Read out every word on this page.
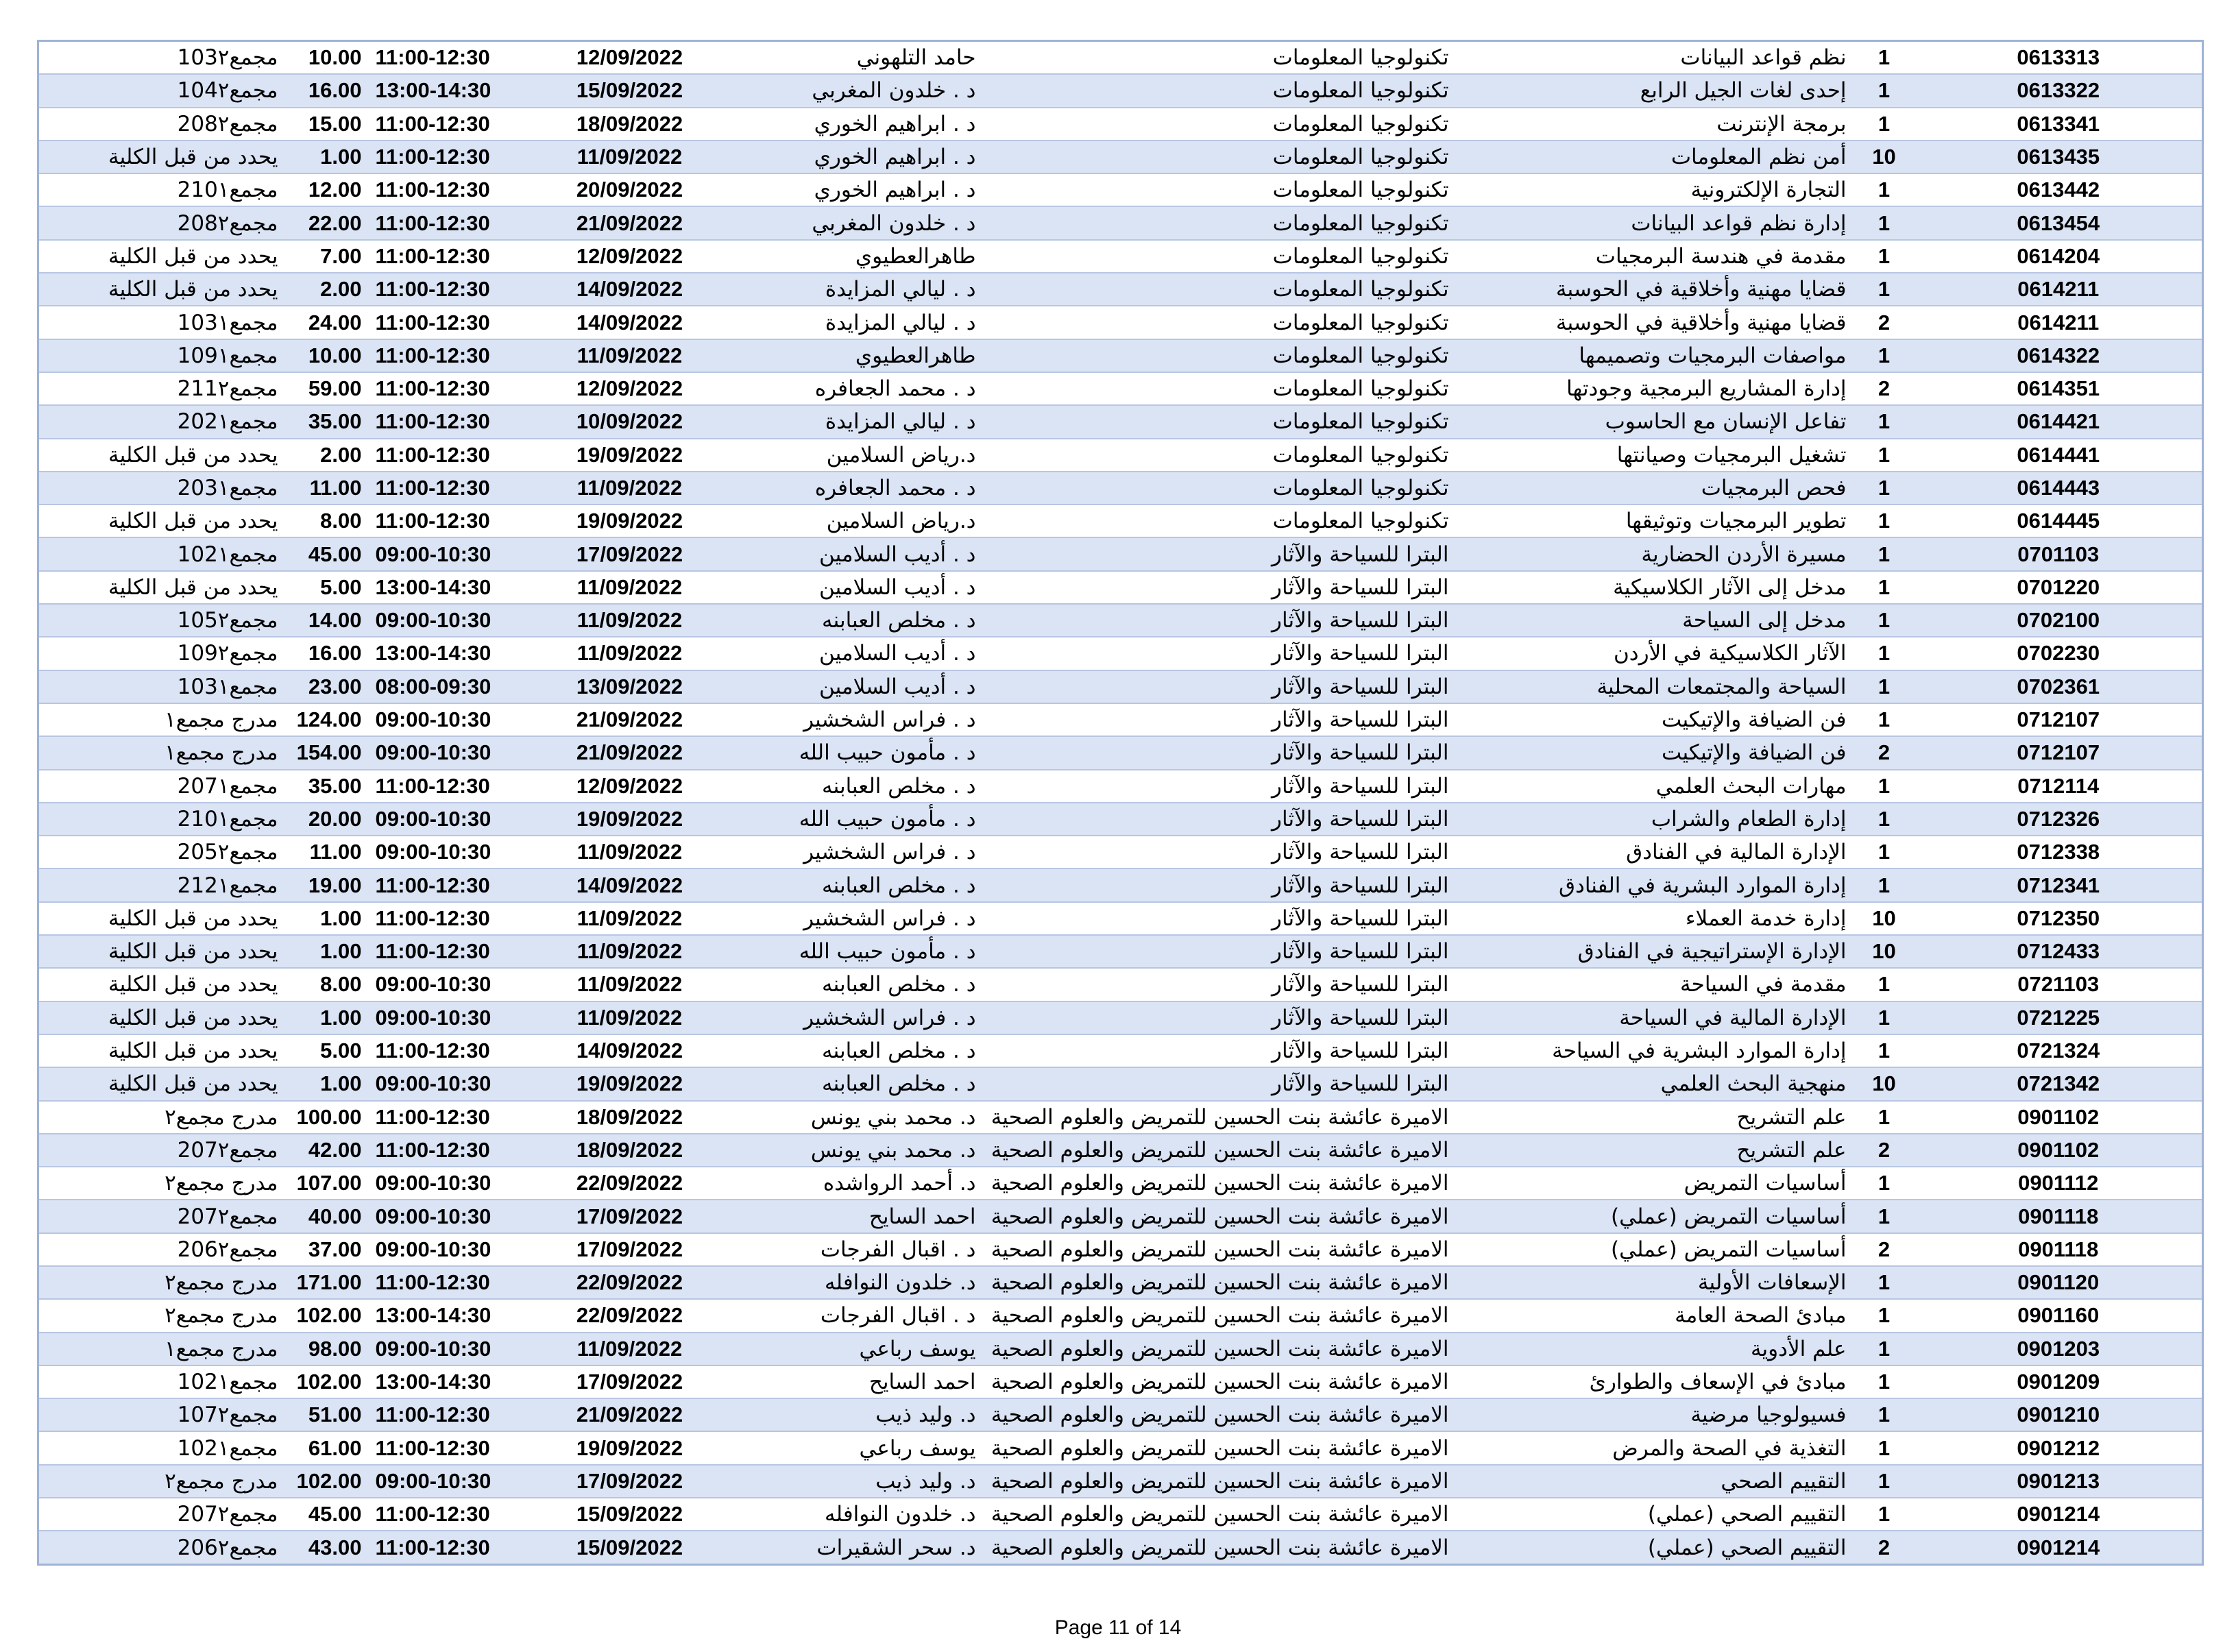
103مجمع٢	10.00	11:00-12:30	12/09/2022	حامد التلهوني	تكنولوجيا المعلومات	نظم قواعد البيانات	1	0613313
104مجمع٢	16.00	13:00-14:30	15/09/2022	د . خلدون المغربي	تكنولوجيا المعلومات	إحدى لغات الجيل الرابع	1	0613322
208مجمع٢	15.00	11:00-12:30	18/09/2022	د . ابراهيم الخوري	تكنولوجيا المعلومات	برمجة الإنترنت	1	0613341
يحدد من قبل الكلية	1.00	11:00-12:30	11/09/2022	د . ابراهيم الخوري	تكنولوجيا المعلومات	أمن نظم المعلومات	10	0613435
210مجمع١	12.00	11:00-12:30	20/09/2022	د . ابراهيم الخوري	تكنولوجيا المعلومات	التجارة الإلكترونية	1	0613442
208مجمع٢	22.00	11:00-12:30	21/09/2022	د . خلدون المغربي	تكنولوجيا المعلومات	إدارة نظم قواعد البيانات	1	0613454
يحدد من قبل الكلية	7.00	11:00-12:30	12/09/2022	طاهرالعطيوي	تكنولوجيا المعلومات	مقدمة في هندسة البرمجيات	1	0614204
يحدد من قبل الكلية	2.00	11:00-12:30	14/09/2022	د . ليالي المزايدة	تكنولوجيا المعلومات	قضايا مهنية وأخلاقية في الحوسبة	1	0614211
103مجمع١	24.00	11:00-12:30	14/09/2022	د . ليالي المزايدة	تكنولوجيا المعلومات	قضايا مهنية وأخلاقية في الحوسبة	2	0614211
109مجمع١	10.00	11:00-12:30	11/09/2022	طاهرالعطيوي	تكنولوجيا المعلومات	مواصفات البرمجيات وتصميمها	1	0614322
211مجمع٢	59.00	11:00-12:30	12/09/2022	د . محمد الجعافره	تكنولوجيا المعلومات	إدارة المشاريع البرمجية وجودتها	2	0614351
202مجمع١	35.00	11:00-12:30	10/09/2022	د . ليالي المزايدة	تكنولوجيا المعلومات	تفاعل الإنسان مع الحاسوب	1	0614421
يحدد من قبل الكلية	2.00	11:00-12:30	19/09/2022	د.رياض السلامين	تكنولوجيا المعلومات	تشغيل البرمجيات وصيانتها	1	0614441
203مجمع١	11.00	11:00-12:30	11/09/2022	د . محمد الجعافره	تكنولوجيا المعلومات	فحص البرمجيات	1	0614443
يحدد من قبل الكلية	8.00	11:00-12:30	19/09/2022	د.رياض السلامين	تكنولوجيا المعلومات	تطوير البرمجيات وتوثيقها	1	0614445
102مجمع١	45.00	09:00-10:30	17/09/2022	د . أديب السلامين	البترا للسياحة والآثار	مسيرة الأردن الحضارية	1	0701103
يحدد من قبل الكلية	5.00	13:00-14:30	11/09/2022	د . أديب السلامين	البترا للسياحة والآثار	مدخل إلى الآثار الكلاسيكية	1	0701220
105مجمع٢	14.00	09:00-10:30	11/09/2022	د . مخلص العبابنه	البترا للسياحة والآثار	مدخل إلى السياحة	1	0702100
109مجمع٢	16.00	13:00-14:30	11/09/2022	د . أديب السلامين	البترا للسياحة والآثار	الآثار الكلاسيكية في الأردن	1	0702230
103مجمع١	23.00	08:00-09:30	13/09/2022	د . أديب السلامين	البترا للسياحة والآثار	السياحة والمجتمعات المحلية	1	0702361
مدرج مجمع١	124.00	09:00-10:30	21/09/2022	د . فراس الشخشير	البترا للسياحة والآثار	فن الضيافة والإتيكيت	1	0712107
مدرج مجمع١	154.00	09:00-10:30	21/09/2022	د . مأمون حبيب الله	البترا للسياحة والآثار	فن الضيافة والإتيكيت	2	0712107
207مجمع١	35.00	11:00-12:30	12/09/2022	د . مخلص العبابنه	البترا للسياحة والآثار	مهارات البحث العلمي	1	0712114
210مجمع١	20.00	09:00-10:30	19/09/2022	د . مأمون حبيب الله	البترا للسياحة والآثار	إدارة الطعام والشراب	1	0712326
205مجمع٢	11.00	09:00-10:30	11/09/2022	د . فراس الشخشير	البترا للسياحة والآثار	الإدارة المالية في الفنادق	1	0712338
212مجمع١	19.00	11:00-12:30	14/09/2022	د . مخلص العبابنه	البترا للسياحة والآثار	إدارة الموارد البشرية في الفنادق	1	0712341
يحدد من قبل الكلية	1.00	11:00-12:30	11/09/2022	د . فراس الشخشير	البترا للسياحة والآثار	إدارة خدمة العملاء	10	0712350
يحدد من قبل الكلية	1.00	11:00-12:30	11/09/2022	د . مأمون حبيب الله	البترا للسياحة والآثار	الإدارة الإستراتيجية في الفنادق	10	0712433
يحدد من قبل الكلية	8.00	09:00-10:30	11/09/2022	د . مخلص العبابنه	البترا للسياحة والآثار	مقدمة في السياحة	1	0721103
يحدد من قبل الكلية	1.00	09:00-10:30	11/09/2022	د . فراس الشخشير	البترا للسياحة والآثار	الإدارة المالية في السياحة	1	0721225
يحدد من قبل الكلية	5.00	11:00-12:30	14/09/2022	د . مخلص العبابنه	البترا للسياحة والآثار	إدارة الموارد البشرية في السياحة	1	0721324
يحدد من قبل الكلية	1.00	09:00-10:30	19/09/2022	د . مخلص العبابنه	البترا للسياحة والآثار	منهجية البحث العلمي	10	0721342
مدرج مجمع٢	100.00	11:00-12:30	18/09/2022	د. محمد بني يونس	الاميرة عائشة بنت الحسين للتمريض والعلوم الصحية	علم التشريح	1	0901102
207مجمع٢	42.00	11:00-12:30	18/09/2022	د. محمد بني يونس	الاميرة عائشة بنت الحسين للتمريض والعلوم الصحية	علم التشريح	2	0901102
مدرج مجمع٢	107.00	09:00-10:30	22/09/2022	د. أحمد الرواشده	الاميرة عائشة بنت الحسين للتمريض والعلوم الصحية	أساسيات التمريض	1	0901112
207مجمع٢	40.00	09:00-10:30	17/09/2022	احمد السايح	الاميرة عائشة بنت الحسين للتمريض والعلوم الصحية	أساسيات التمريض (عملي)	1	0901118
206مجمع٢	37.00	09:00-10:30	17/09/2022	د . اقبال الفرجات	الاميرة عائشة بنت الحسين للتمريض والعلوم الصحية	أساسيات التمريض (عملي)	2	0901118
مدرج مجمع٢	171.00	11:00-12:30	22/09/2022	د. خلدون النوافله	الاميرة عائشة بنت الحسين للتمريض والعلوم الصحية	الإسعافات الأولية	1	0901120
مدرج مجمع٢	102.00	13:00-14:30	22/09/2022	د . اقبال الفرجات	الاميرة عائشة بنت الحسين للتمريض والعلوم الصحية	مبادئ الصحة العامة	1	0901160
مدرج مجمع١	98.00	09:00-10:30	11/09/2022	يوسف رباعي	الاميرة عائشة بنت الحسين للتمريض والعلوم الصحية	علم الأدوية	1	0901203
102مجمع١	102.00	13:00-14:30	17/09/2022	احمد السايح	الاميرة عائشة بنت الحسين للتمريض والعلوم الصحية	مبادئ في الإسعاف والطوارئ	1	0901209
107مجمع٢	51.00	11:00-12:30	21/09/2022	د. وليد ذيب	الاميرة عائشة بنت الحسين للتمريض والعلوم الصحية	فسيولوجيا مرضية	1	0901210
102مجمع١	61.00	11:00-12:30	19/09/2022	يوسف رباعي	الاميرة عائشة بنت الحسين للتمريض والعلوم الصحية	التغذية في الصحة والمرض	1	0901212
مدرج مجمع٢	102.00	09:00-10:30	17/09/2022	د. وليد ذيب	الاميرة عائشة بنت الحسين للتمريض والعلوم الصحية	التقييم الصحي	1	0901213
207مجمع٢	45.00	11:00-12:30	15/09/2022	د. خلدون النوافله	الاميرة عائشة بنت الحسين للتمريض والعلوم الصحية	التقييم الصحي (عملي)	1	0901214
206مجمع٢	43.00	11:00-12:30	15/09/2022	د. سحر الشقيرات	الاميرة عائشة بنت الحسين للتمريض والعلوم الصحية	التقييم الصحي (عملي)	2	0901214
Page 11 of 14
